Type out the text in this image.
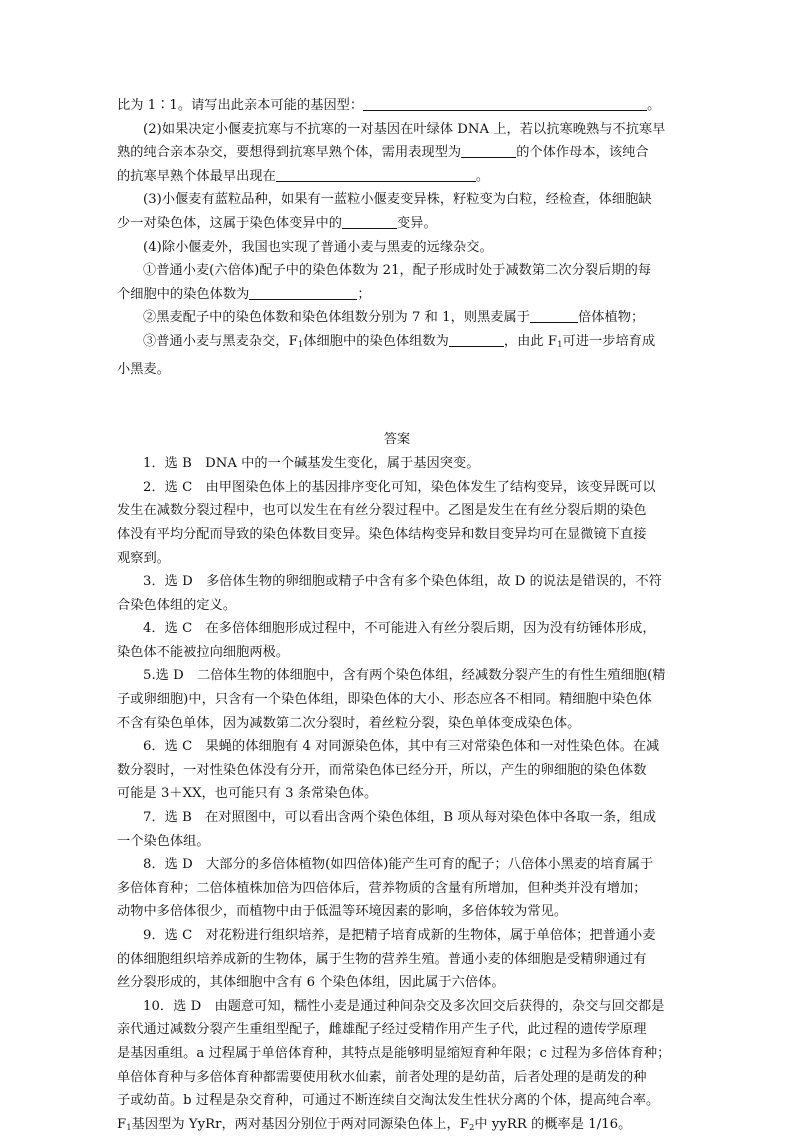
比为 1∶1。请写出此亲本可能的基因型：	。
(2)如果决定小偃麦抗寒与不抗寒的一对基因在叶绿体 DNA 上，若以抗寒晚熟与不抗寒早
熟的纯合亲本杂交，要想得到抗寒早熟个体，需用表现型为	的个体作母本，该纯合
的抗寒早熟个体最早出现在	。
(3)小偃麦有蓝粒品种，如果有一蓝粒小偃麦变异株，籽粒变为白粒，经检查，体细胞缺
少一对染色体，这属于染色体变异中的	变异。
(4)除小偃麦外，我国也实现了普通小麦与黑麦的远缘杂交。
①普通小麦(六倍体)配子中的染色体数为 21，配子形成时处于减数第二次分裂后期的每
个细胞中的染色体数为	；
②黑麦配子中的染色体数和染色体组数分别为 7 和 1，则黑麦属于	倍体植物；
③普通小麦与黑麦杂交，$F_1$体细胞中的染色体组数为	，由此 $F_1$可进一步培育成
小黑麦。
答案
1．选 B　DNA 中的一个碱基发生变化，属于基因突变。
2．选 C　由甲图染色体上的基因排序变化可知，染色体发生了结构变异，该变异既可以
发生在减数分裂过程中，也可以发生在有丝分裂过程中。乙图是发生在有丝分裂后期的染色
体没有平均分配而导致的染色体数目变异。染色体结构变异和数目变异均可在显微镜下直接
观察到。
3．选 D　多倍体生物的卵细胞或精子中含有多个染色体组，故 D 的说法是错误的，不符
合染色体组的定义。
4．选 C　在多倍体细胞形成过程中，不可能进入有丝分裂后期，因为没有纺锤体形成，
染色体不能被拉向细胞两极。
5.选 D　二倍体生物的体细胞中，含有两个染色体组，经减数分裂产生的有性生殖细胞(精
子或卵细胞)中，只含有一个染色体组，即染色体的大小、形态应各不相同。精细胞中染色体
不含有染色单体，因为减数第二次分裂时，着丝粒分裂，染色单体变成染色体。
6．选 C　果蝇的体细胞有 4 对同源染色体，其中有三对常染色体和一对性染色体。在减
数分裂时，一对性染色体没有分开，而常染色体已经分开，所以，产生的卵细胞的染色体数
可能是 3＋XX，也可能只有 3 条常染色体。
7．选 B　在对照图中，可以看出含两个染色体组，B 项从每对染色体中各取一条，组成
一个染色体组。
8．选 D　大部分的多倍体植物(如四倍体)能产生可育的配子；八倍体小黑麦的培育属于
多倍体育种；二倍体植株加倍为四倍体后，营养物质的含量有所增加，但种类并没有增加；
动物中多倍体很少，而植物中由于低温等环境因素的影响，多倍体较为常见。
9．选 C　对花粉进行组织培养，是把精子培育成新的生物体，属于单倍体；把普通小麦
的体细胞组织培养成新的生物体，属于生物的营养生殖。普通小麦的体细胞是受精卵通过有
丝分裂形成的，其体细胞中含有 6 个染色体组，因此属于六倍体。
10．选 D　由题意可知，糯性小麦是通过种间杂交及多次回交后获得的，杂交与回交都是
亲代通过减数分裂产生重组型配子，雌雄配子经过受精作用产生子代，此过程的遗传学原理
是基因重组。a 过程属于单倍体育种，其特点是能够明显缩短育种年限；c 过程为多倍体育种；
单倍体育种与多倍体育种都需要使用秋水仙素，前者处理的是幼苗，后者处理的是萌发的种
子或幼苗。b 过程是杂交育种，可通过不断连续自交淘汰发生性状分离的个体，提高纯合率。
$F_1$基因型为 YyRr，两对基因分别位于两对同源染色体上，$F_2$中 yyRR 的概率是 1/16。
